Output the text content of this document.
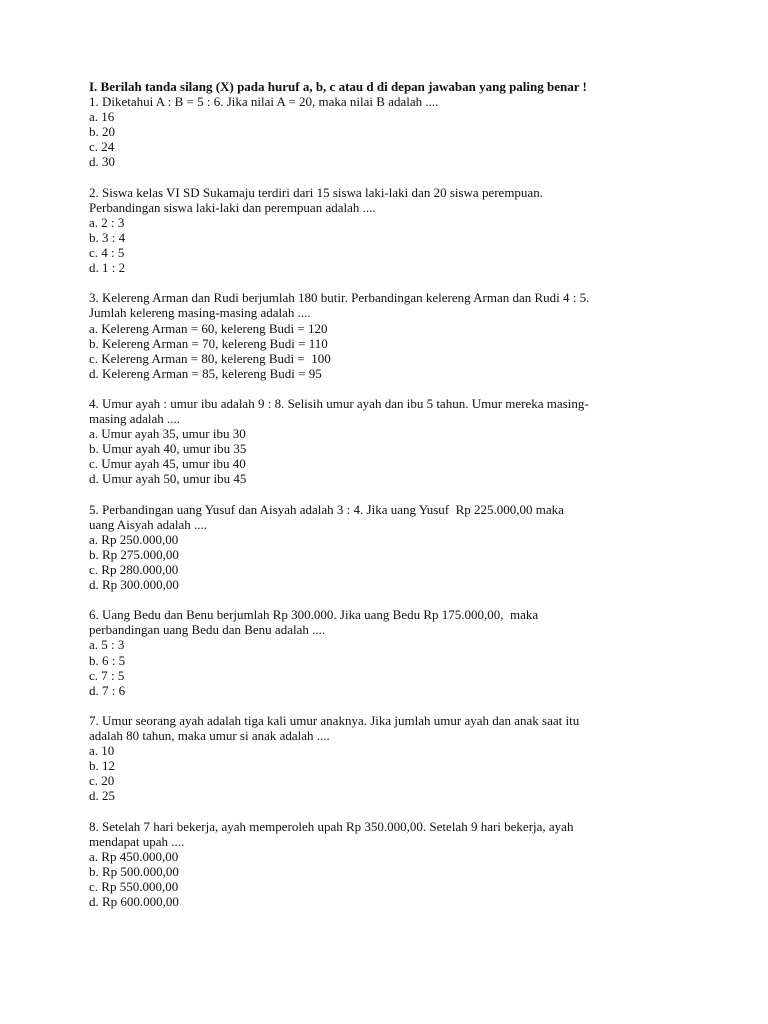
I. Berilah tanda silang (X) pada huruf a, b, c atau d di depan jawaban yang paling benar !

1. Diketahui A : B = 5 : 6. Jika nilai A = 20, maka nilai B adalah ....

a. 16

b. 20

c. 24

d. 30

2. Siswa kelas VI SD Sukamaju terdiri dari 15 siswa laki-laki dan 20 siswa perempuan.

Perbandingan siswa laki-laki dan perempuan adalah ....

a. 2 : 3

b. 3 : 4

c. 4 : 5

d. 1 : 2

3. Kelereng Arman dan Rudi berjumlah 180 butir. Perbandingan kelereng Arman dan Rudi 4 : 5.

Jumlah kelereng masing-masing adalah ....

a. Kelereng Arman = 60, kelereng Budi = 120

b. Kelereng Arman = 70, kelereng Budi = 110

c. Kelereng Arman = 80, kelereng Budi =  100

d. Kelereng Arman = 85, kelereng Budi = 95

4. Umur ayah : umur ibu adalah 9 : 8. Selisih umur ayah dan ibu 5 tahun. Umur mereka masing-

masing adalah ....

a. Umur ayah 35, umur ibu 30

b. Umur ayah 40, umur ibu 35

c. Umur ayah 45, umur ibu 40

d. Umur ayah 50, umur ibu 45

5. Perbandingan uang Yusuf dan Aisyah adalah 3 : 4. Jika uang Yusuf  Rp 225.000,00 maka

uang Aisyah adalah ....

a. Rp 250.000,00

b. Rp 275.000,00

c. Rp 280.000,00

d. Rp 300.000,00

6. Uang Bedu dan Benu berjumlah Rp 300.000. Jika uang Bedu Rp 175.000,00,  maka

perbandingan uang Bedu dan Benu adalah ....

a. 5 : 3

b. 6 : 5

c. 7 : 5

d. 7 : 6

7. Umur seorang ayah adalah tiga kali umur anaknya. Jika jumlah umur ayah dan anak saat itu

adalah 80 tahun, maka umur si anak adalah ....

a. 10

b. 12

c. 20

d. 25

8. Setelah 7 hari bekerja, ayah memperoleh upah Rp 350.000,00. Setelah 9 hari bekerja, ayah

mendapat upah ....

a. Rp 450.000,00

b. Rp 500.000,00

c. Rp 550.000,00

d. Rp 600.000,00
